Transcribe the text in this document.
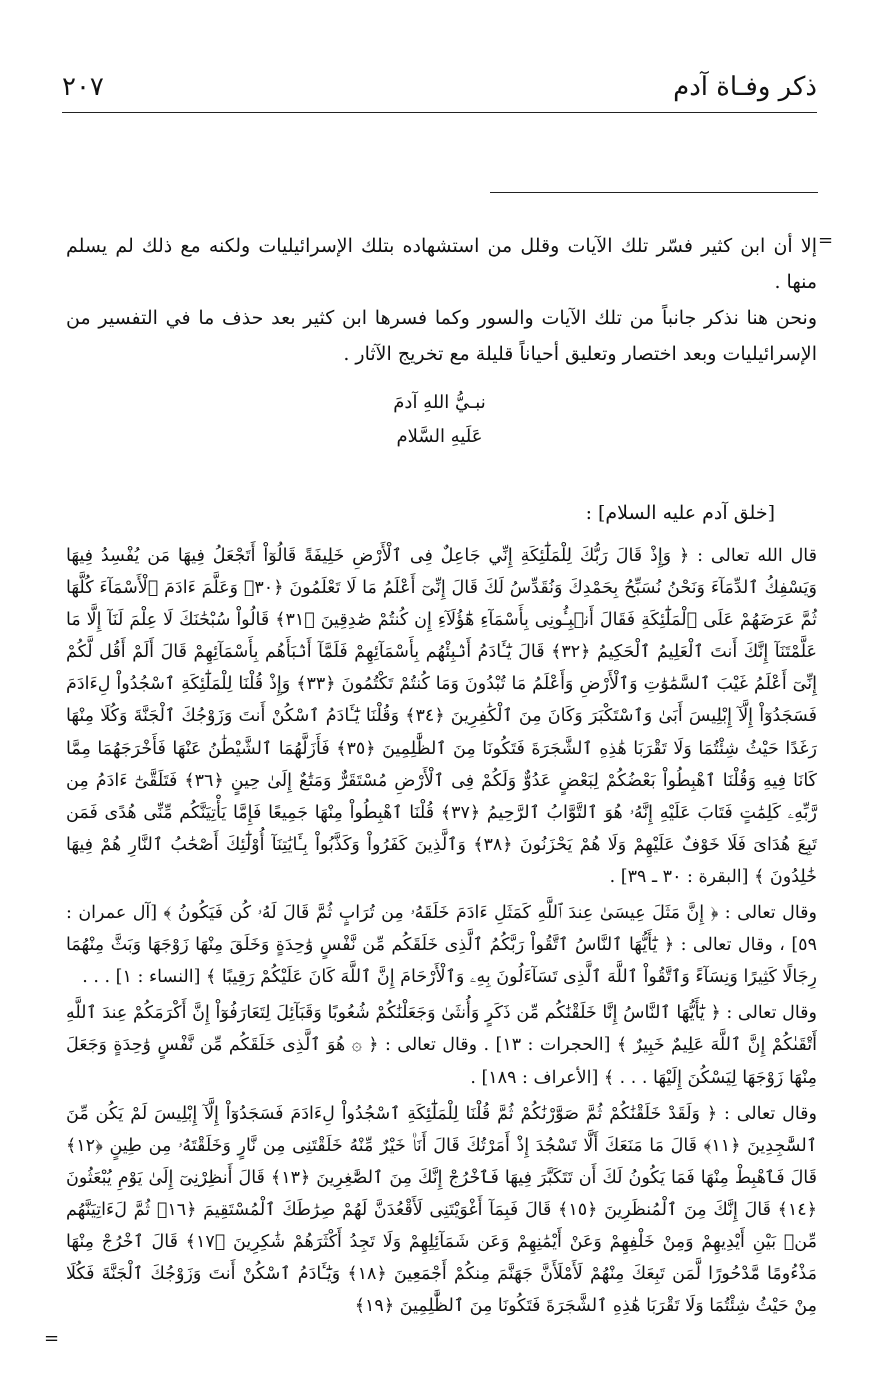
ذكر وفـاة آدم
٢٠٧
=

إلا أن ابن كثير فسّر تلك الآيات وقلل من استشهاده بتلك الإسرائيليات ولكنه مع ذلك لم يسلم منها .

ونحن هنا نذكر جانباً من تلك الآيات والسور وكما فسرها ابن كثير بعد حذف ما في التفسير من الإسرائيليات وبعد اختصار وتعليق أحياناً قليلة مع تخريج الآثار .

نبـيُّ اللهِ آدمَ
عَلَيهِ السَّلام
[خلق آدم عليه السلام] :

قال الله تعالى : ﴿ وَإِذْ قَالَ رَبُّكَ لِلْمَلَٰٓئِكَةِ إِنِّي جَاعِلٌ فِى ٱلْأَرْضِ خَلِيفَةً قَالُوٓاْ أَتَجْعَلُ فِيهَا مَن يُفْسِدُ فِيهَا وَيَسْفِكُ ٱلدِّمَآءَ وَنَحْنُ نُسَبِّحُ بِحَمْدِكَ وَنُقَدِّسُ لَكَ قَالَ إِنِّىٓ أَعْلَمُ مَا لَا تَعْلَمُونَ ﴿٣٠﴾ وَعَلَّمَ ءَادَمَ ٱلْأَسْمَآءَ كُلَّهَا ثُمَّ عَرَضَهُمْ عَلَى ٱلْمَلَٰٓئِكَةِ فَقَالَ أَنۢبِـُٔونِى بِأَسْمَآءِ هَٰٓؤُلَآءِ إِن كُنتُمْ صَٰدِقِينَ ﴿٣١﴾ قَالُواْ سُبْحَٰنَكَ لَا عِلْمَ لَنَآ إِلَّا مَا عَلَّمْتَنَآ إِنَّكَ أَنتَ ٱلْعَلِيمُ ٱلْحَكِيمُ ﴿٣٢﴾ قَالَ يَٰٓـَٔادَمُ أَنۢبِئْهُم بِأَسْمَآئِهِمْ فَلَمَّآ أَنۢبَأَهُم بِأَسْمَآئِهِمْ قَالَ أَلَمْ أَقُل لَّكُمْ إِنِّىٓ أَعْلَمُ غَيْبَ ٱلسَّمَٰوَٰتِ وَٱلْأَرْضِ وَأَعْلَمُ مَا تُبْدُونَ وَمَا كُنتُمْ تَكْتُمُونَ ﴿٣٣﴾ وَإِذْ قُلْنَا لِلْمَلَٰٓئِكَةِ ٱسْجُدُواْ لِءَادَمَ فَسَجَدُوٓاْ إِلَّآ إِبْلِيسَ أَبَىٰ وَٱسْتَكْبَرَ وَكَانَ مِنَ ٱلْكَٰفِرِينَ ﴿٣٤﴾ وَقُلْنَا يَٰٓـَٔادَمُ ٱسْكُنْ أَنتَ وَزَوْجُكَ ٱلْجَنَّةَ وَكُلَا مِنْهَا رَغَدًا حَيْثُ شِئْتُمَا وَلَا تَقْرَبَا هَٰذِهِ ٱلشَّجَرَةَ فَتَكُونَا مِنَ ٱلظَّٰلِمِينَ ﴿٣٥﴾ فَأَزَلَّهُمَا ٱلشَّيْطَٰنُ عَنْهَا فَأَخْرَجَهُمَا مِمَّا كَانَا فِيهِ وَقُلْنَا ٱهْبِطُواْ بَعْضُكُمْ لِبَعْضٍ عَدُوٌّ وَلَكُمْ فِى ٱلْأَرْضِ مُسْتَقَرٌّ وَمَتَٰعٌ إِلَىٰ حِينٍ ﴿٣٦﴾ فَتَلَقَّىٰٓ ءَادَمُ مِن رَّبِّهِۦ كَلِمَٰتٍ فَتَابَ عَلَيْهِ إِنَّهُۥ هُوَ ٱلتَّوَّابُ ٱلرَّحِيمُ ﴿٣٧﴾ قُلْنَا ٱهْبِطُواْ مِنْهَا جَمِيعًا فَإِمَّا يَأْتِيَنَّكُم مِّنِّى هُدًى فَمَن تَبِعَ هُدَاىَ فَلَا خَوْفٌ عَلَيْهِمْ وَلَا هُمْ يَحْزَنُونَ ﴿٣٨﴾ وَٱلَّذِينَ كَفَرُواْ وَكَذَّبُواْ بِـَٔايَٰتِنَآ أُوْلَٰٓئِكَ أَصْحَٰبُ ٱلنَّارِ هُمْ فِيهَا خَٰلِدُونَ ﴾ [البقرة : ٣٠ ـ ٣٩] .

وقال تعالى : ﴿ إِنَّ مَثَلَ عِيسَىٰ عِندَ ٱللَّهِ كَمَثَلِ ءَادَمَ خَلَقَهُۥ مِن تُرَابٍ ثُمَّ قَالَ لَهُۥ كُن فَيَكُونُ ﴾ [آل عمران : ٥٩] ، وقال تعالى : ﴿ يَٰٓأَيُّهَا ٱلنَّاسُ ٱتَّقُواْ رَبَّكُمُ ٱلَّذِى خَلَقَكُم مِّن نَّفْسٍ وَٰحِدَةٍ وَخَلَقَ مِنْهَا زَوْجَهَا وَبَثَّ مِنْهُمَا رِجَالًا كَثِيرًا وَنِسَآءً وَٱتَّقُواْ ٱللَّهَ ٱلَّذِى تَسَآءَلُونَ بِهِۦ وَٱلْأَرْحَامَ إِنَّ ٱللَّهَ كَانَ عَلَيْكُمْ رَقِيبًا ﴾ [النساء : ١] . . .

وقال تعالى : ﴿ يَٰٓأَيُّهَا ٱلنَّاسُ إِنَّا خَلَقْنَٰكُم مِّن ذَكَرٍ وَأُنثَىٰ وَجَعَلْنَٰكُمْ شُعُوبًا وَقَبَآئِلَ لِتَعَارَفُوٓاْ إِنَّ أَكْرَمَكُمْ عِندَ ٱللَّهِ أَتْقَىٰكُمْ إِنَّ ٱللَّهَ عَلِيمٌ خَبِيرٌ ﴾ [الحجرات : ١٣] . وقال تعالى : ﴿ ۞ هُوَ ٱلَّذِى خَلَقَكُم مِّن نَّفْسٍ وَٰحِدَةٍ وَجَعَلَ مِنْهَا زَوْجَهَا لِيَسْكُنَ إِلَيْهَا . . . ﴾ [الأعراف : ١٨٩] .

وقال تعالى : ﴿ وَلَقَدْ خَلَقْنَٰكُمْ ثُمَّ صَوَّرْنَٰكُمْ ثُمَّ قُلْنَا لِلْمَلَٰٓئِكَةِ ٱسْجُدُواْ لِءَادَمَ فَسَجَدُوٓاْ إِلَّآ إِبْلِيسَ لَمْ يَكُن مِّنَ ٱلسَّٰجِدِينَ ﴿١١﴾ قَالَ مَا مَنَعَكَ أَلَّا تَسْجُدَ إِذْ أَمَرْتُكَ قَالَ أَنَا۠ خَيْرٌ مِّنْهُ خَلَقْتَنِى مِن نَّارٍ وَخَلَقْتَهُۥ مِن طِينٍ ﴿١٢﴾ قَالَ فَٱهْبِطْ مِنْهَا فَمَا يَكُونُ لَكَ أَن تَتَكَبَّرَ فِيهَا فَٱخْرُجْ إِنَّكَ مِنَ ٱلصَّٰغِرِينَ ﴿١٣﴾ قَالَ أَنظِرْنِىٓ إِلَىٰ يَوْمِ يُبْعَثُونَ ﴿١٤﴾ قَالَ إِنَّكَ مِنَ ٱلْمُنظَرِينَ ﴿١٥﴾ قَالَ فَبِمَآ أَغْوَيْتَنِى لَأَقْعُدَنَّ لَهُمْ صِرَٰطَكَ ٱلْمُسْتَقِيمَ ﴿١٦﴾ ثُمَّ لَءَاتِيَنَّهُم مِّنۢ بَيْنِ أَيْدِيهِمْ وَمِنْ خَلْفِهِمْ وَعَنْ أَيْمَٰنِهِمْ وَعَن شَمَآئِلِهِمْ وَلَا تَجِدُ أَكْثَرَهُمْ شَٰكِرِينَ ﴿١٧﴾ قَالَ ٱخْرُجْ مِنْهَا مَذْءُومًا مَّدْحُورًا لَّمَن تَبِعَكَ مِنْهُمْ لَأَمْلَأَنَّ جَهَنَّمَ مِنكُمْ أَجْمَعِينَ ﴿١٨﴾ وَيَٰٓـَٔادَمُ ٱسْكُنْ أَنتَ وَزَوْجُكَ ٱلْجَنَّةَ فَكُلَا مِنْ حَيْثُ شِئْتُمَا وَلَا تَقْرَبَا هَٰذِهِ ٱلشَّجَرَةَ فَتَكُونَا مِنَ ٱلظَّٰلِمِينَ ﴿١٩﴾

=
